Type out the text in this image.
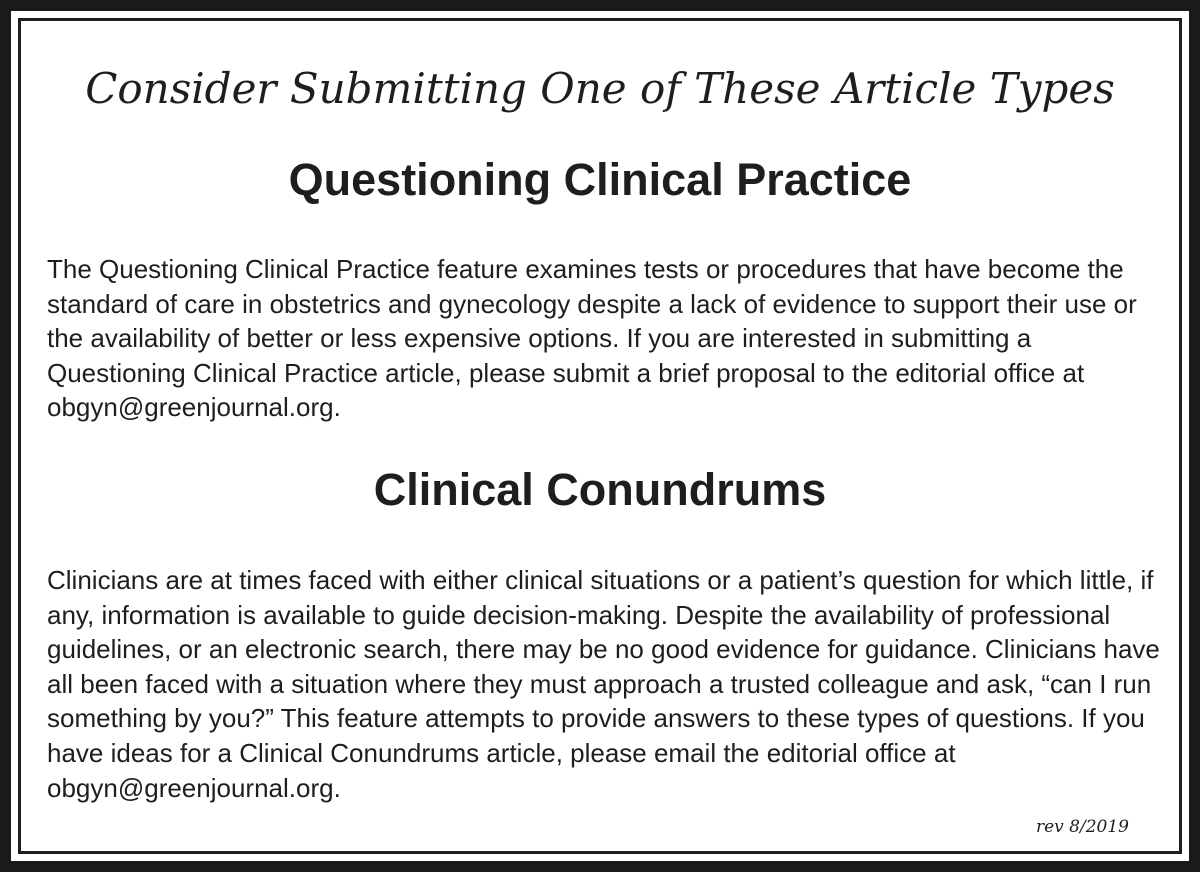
Consider Submitting One of These Article Types
Questioning Clinical Practice

The Questioning Clinical Practice feature examines tests or procedures that have become the standard of care in obstetrics and gynecology despite a lack of evidence to support their use or the availability of better or less expensive options. If you are interested in submitting a Questioning Clinical Practice article, please submit a brief proposal to the editorial office at obgyn@greenjournal.org.

Clinical Conundrums

Clinicians are at times faced with either clinical situations or a patient’s question for which little, if any, information is available to guide decision-making. Despite the availability of professional guidelines, or an electronic search, there may be no good evidence for guidance. Clinicians have all been faced with a situation where they must approach a trusted colleague and ask, “can I run something by you?” This feature attempts to provide answers to these types of questions. If you have ideas for a Clinical Conundrums article, please email the editorial office at obgyn@greenjournal.org.

rev 8/2019
